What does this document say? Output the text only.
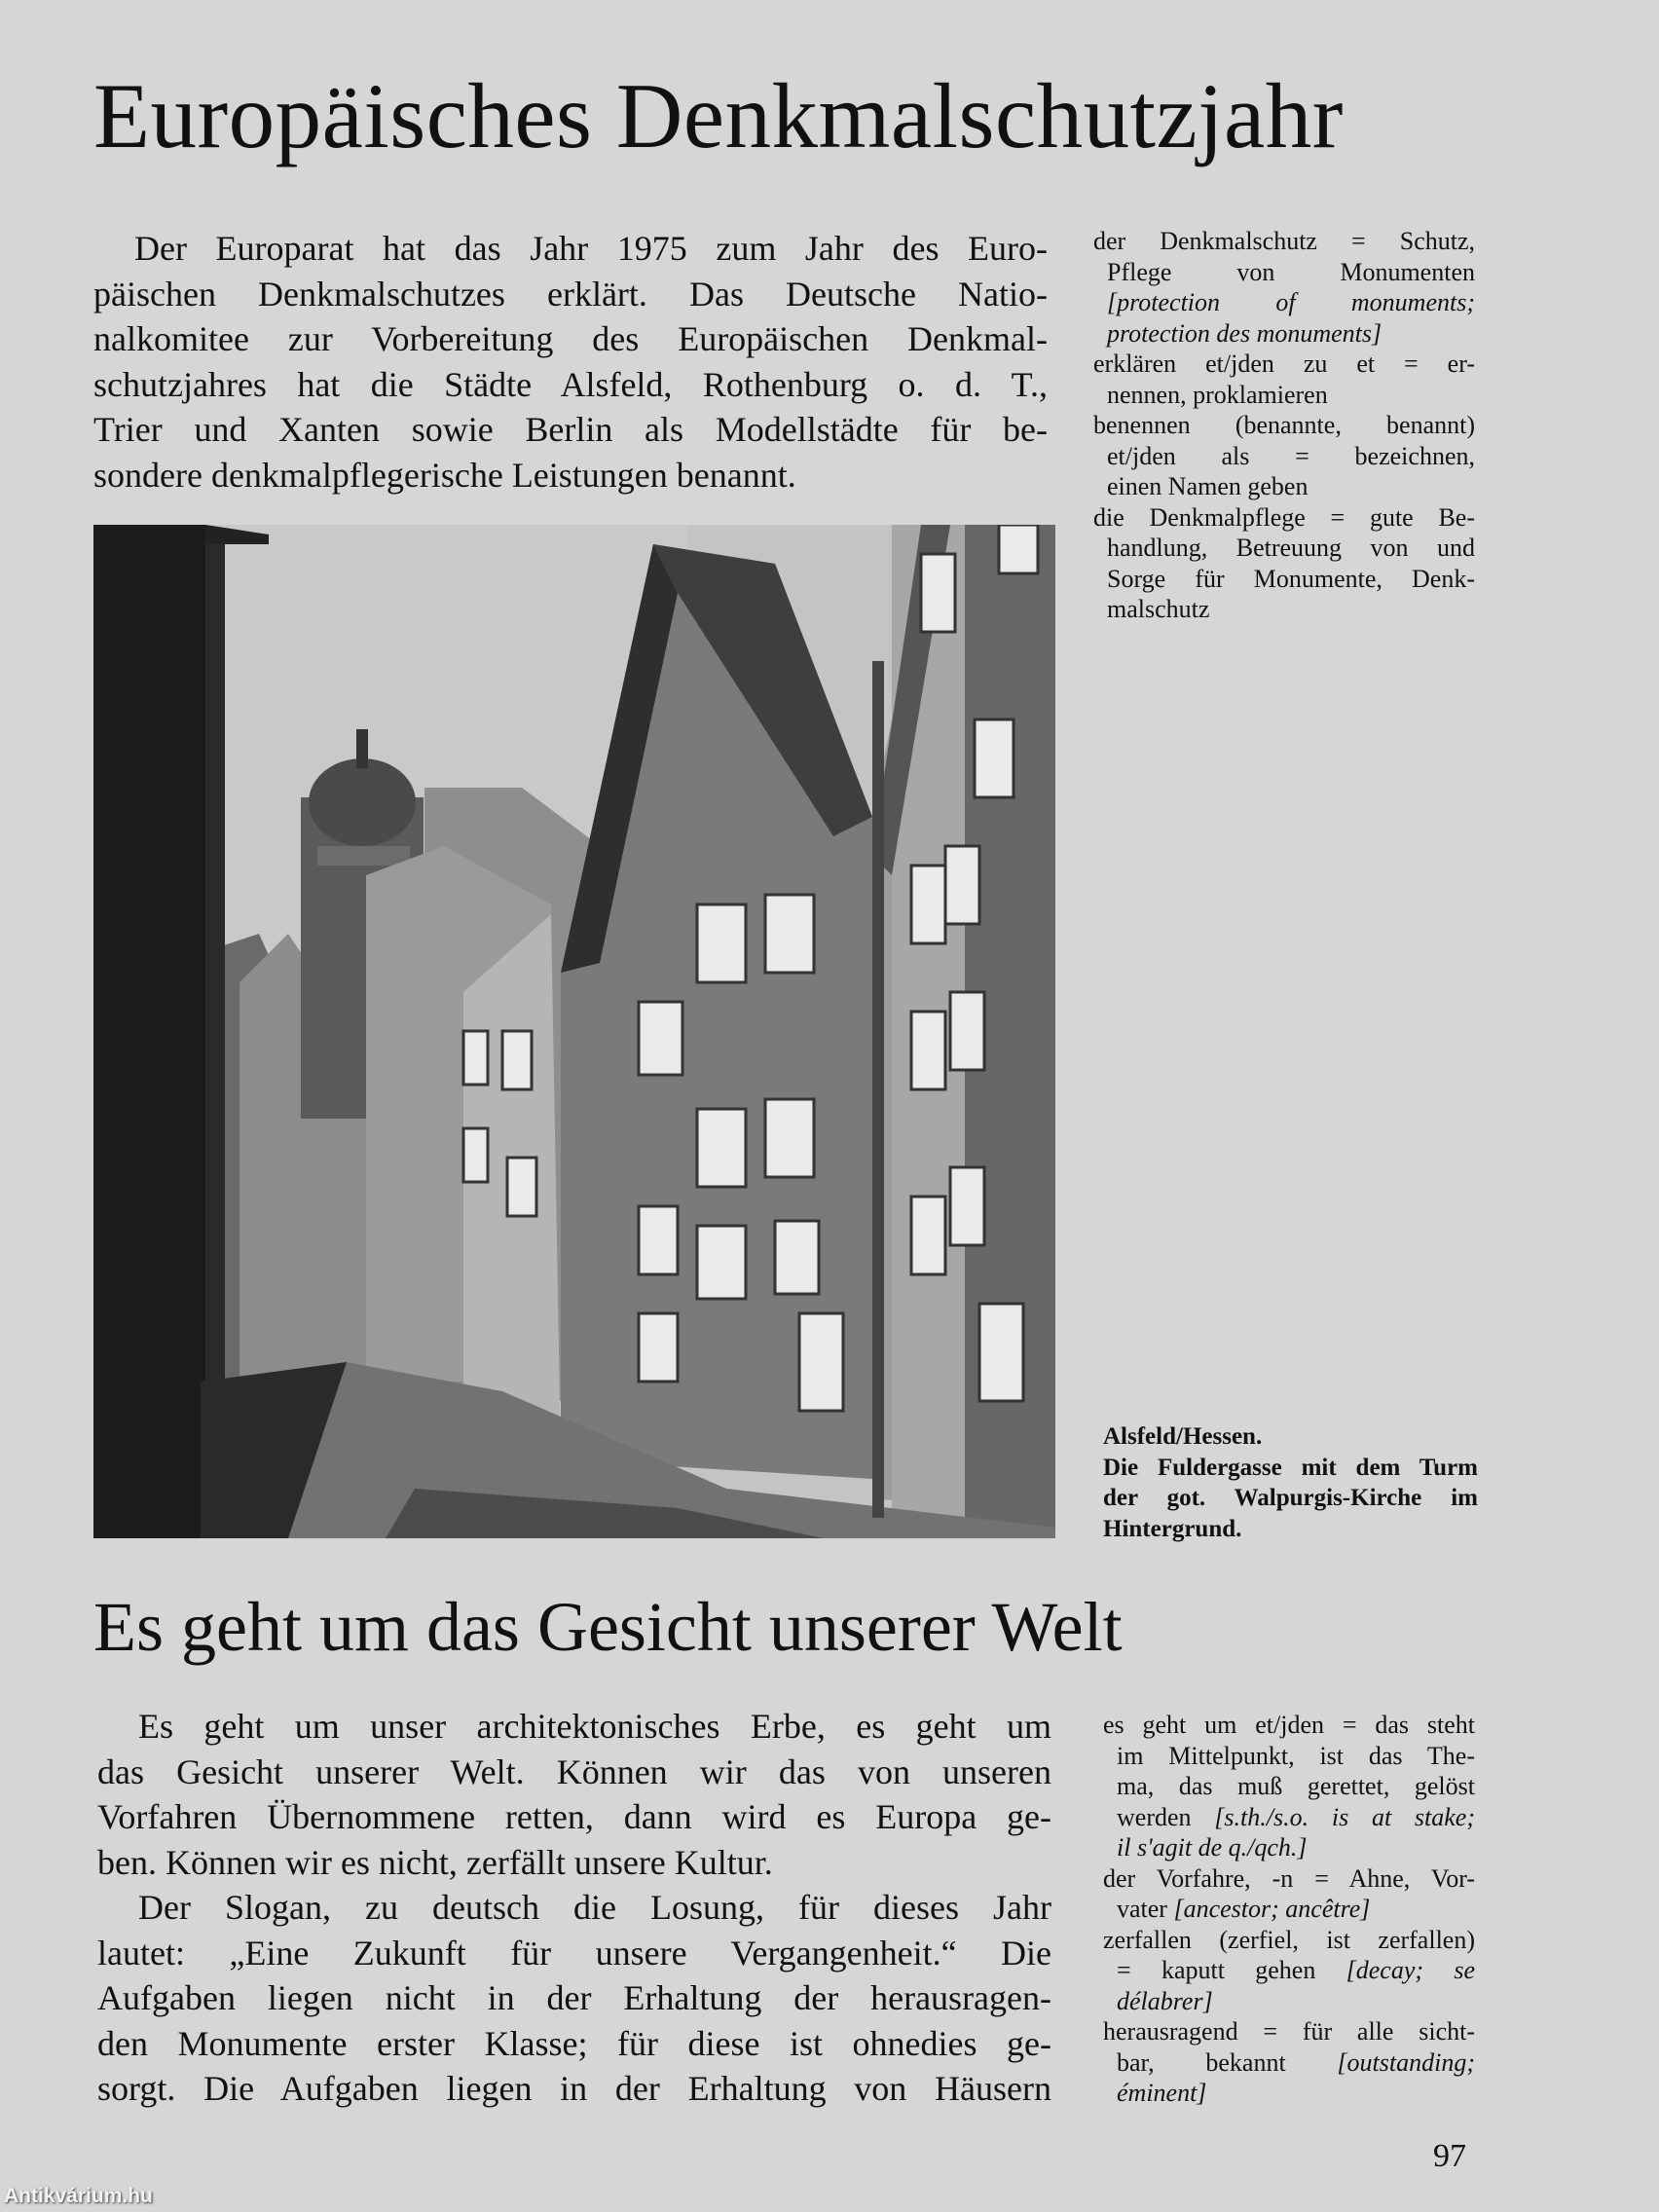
Europäisches Denkmalschutzjahr
Der Europarat hat das Jahr 1975 zum Jahr des Euro-
päischen Denkmalschutzes erklärt. Das Deutsche Natio-
nalkomitee zur Vorbereitung des Europäischen Denkmal-
schutzjahres hat die Städte Alsfeld, Rothenburg o. d. T.,
Trier und Xanten sowie Berlin als Modellstädte für be-
sondere denkmalpflegerische Leistungen benannt.
der Denkmalschutz = Schutz,
Pflege von Monumenten
[protection of monuments;
protection des monuments]
erklären et/jden zu et = er-
nennen, proklamieren
benennen (benannte, benannt)
et/jden als = bezeichnen,
einen Namen geben
die Denkmalpflege = gute Be-
handlung, Betreuung von und
Sorge für Monumente, Denk-
malschutz
Alsfeld/Hessen.
Die Fuldergasse mit dem Turm
der got. Walpurgis-Kirche im
Hintergrund.
Es geht um das Gesicht unserer Welt
Es geht um unser architektonisches Erbe, es geht um
das Gesicht unserer Welt. Können wir das von unseren
Vorfahren Übernommene retten, dann wird es Europa ge-
ben. Können wir es nicht, zerfällt unsere Kultur.
Der Slogan, zu deutsch die Losung, für dieses Jahr
lautet: „Eine Zukunft für unsere Vergangenheit.“ Die
Aufgaben liegen nicht in der Erhaltung der herausragen-
den Monumente erster Klasse; für diese ist ohnedies ge-
sorgt. Die Aufgaben liegen in der Erhaltung von Häusern
es geht um et/jden = das steht
im Mittelpunkt, ist das The-
ma, das muß gerettet, gelöst
werden [s.th./s.o. is at stake;
il s'agit de q./qch.]
der Vorfahre, -n = Ahne, Vor-
vater [ancestor; ancêtre]
zerfallen (zerfiel, ist zerfallen)
= kaputt gehen [decay; se
délabrer]
herausragend = für alle sicht-
bar, bekannt [outstanding;
éminent]
97
Antikvárium.hu
